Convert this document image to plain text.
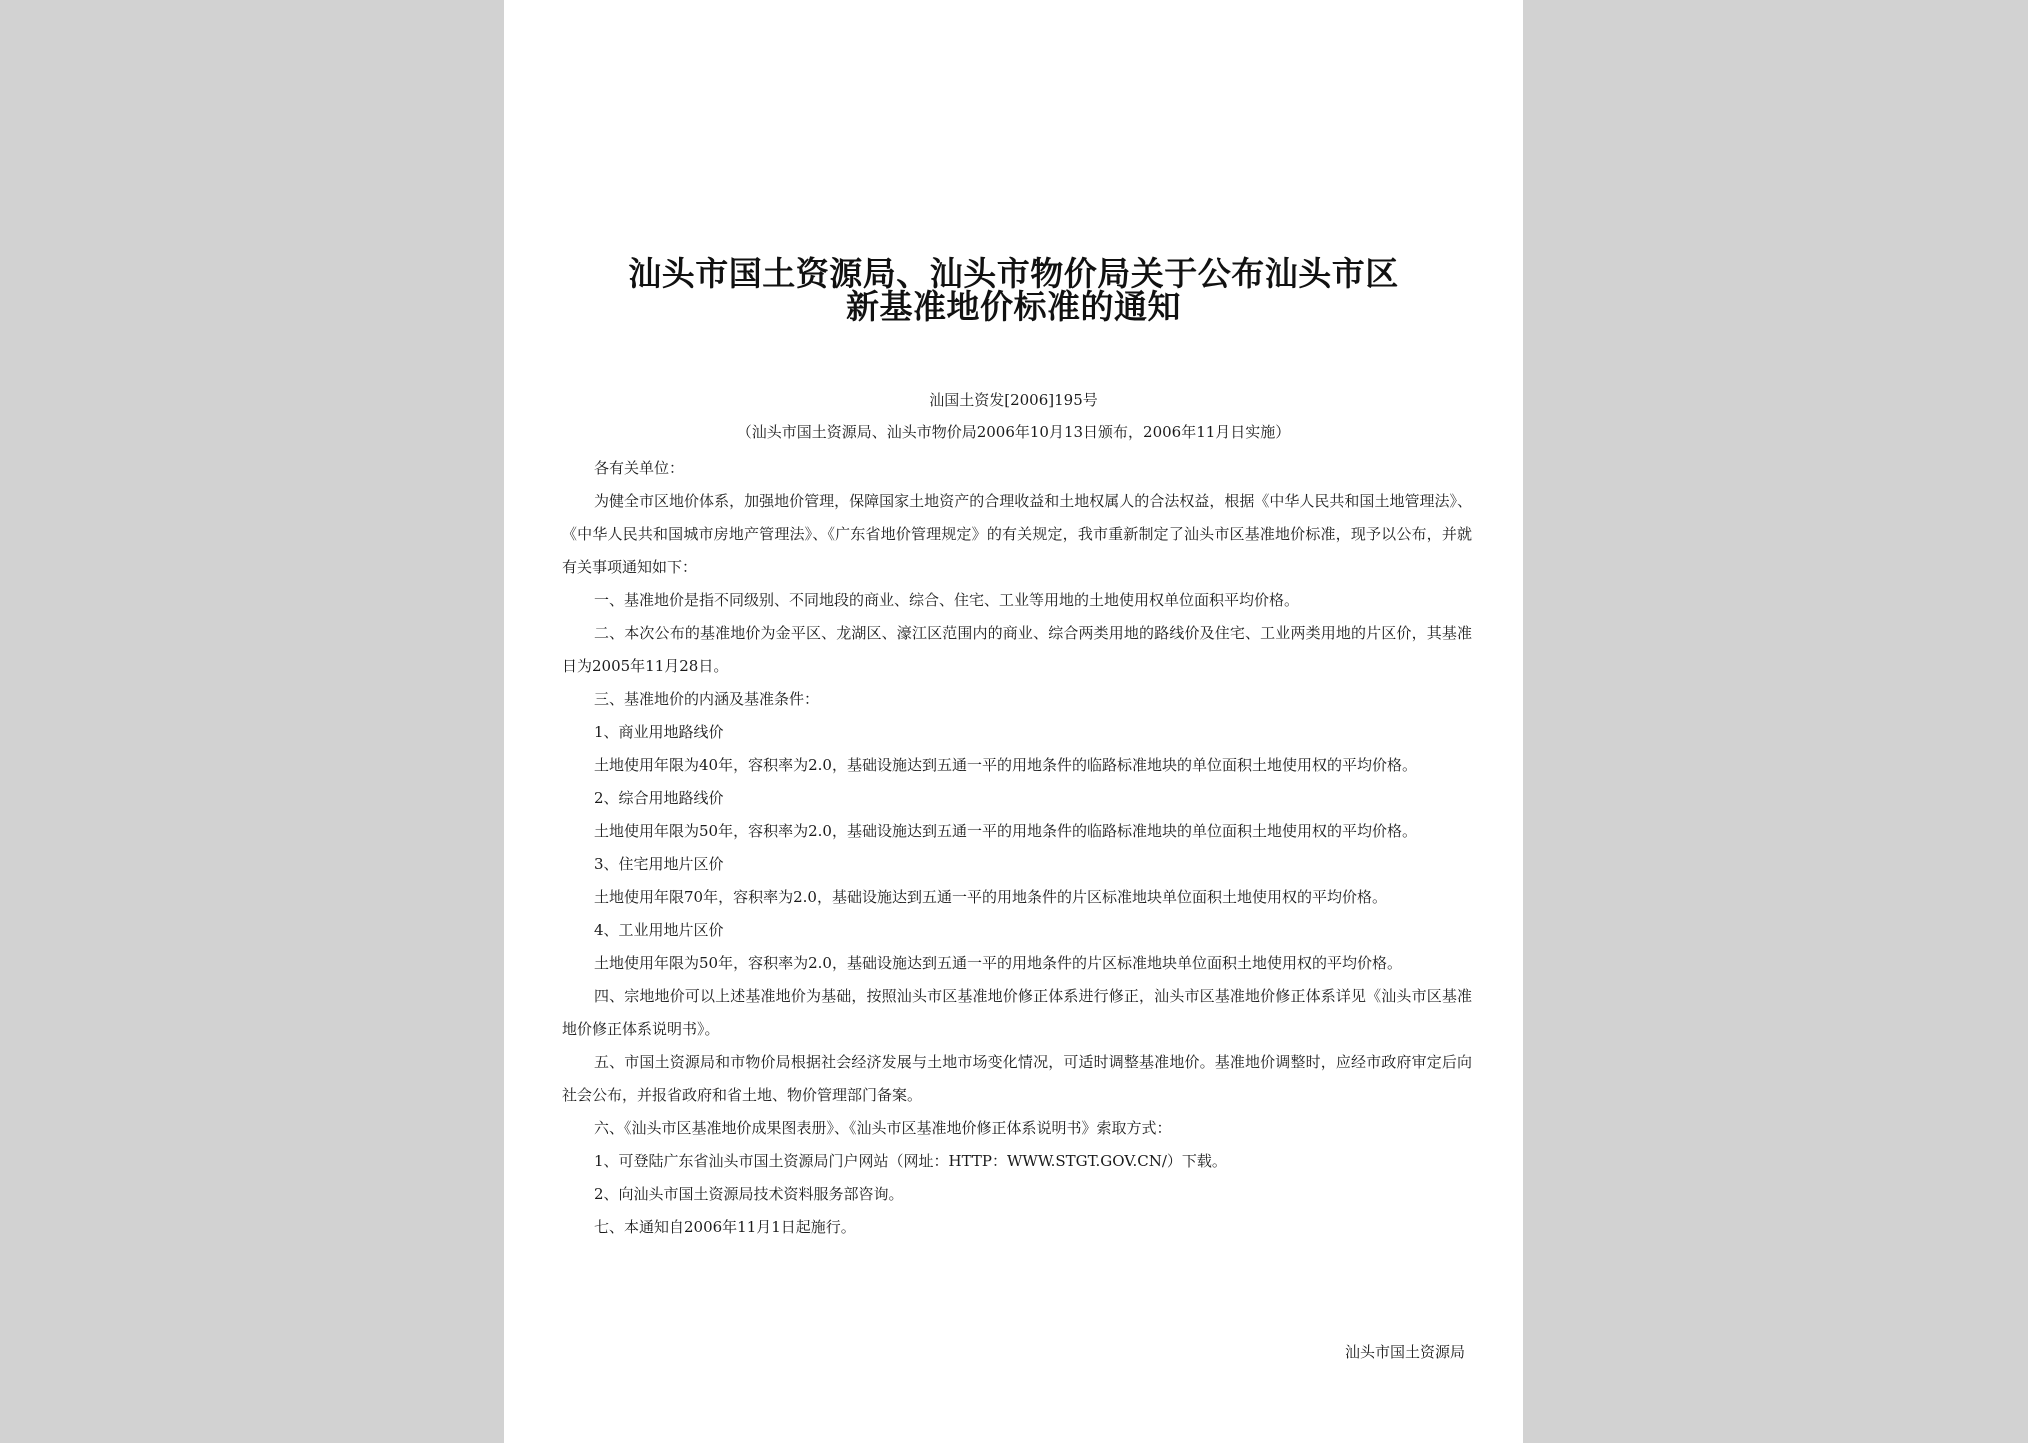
汕头市国土资源局、汕头市物价局关于公布汕头市区
新基准地价标准的通知
汕国土资发[2006]195号
（汕头市国土资源局、汕头市物价局2006年10月13日颁布，2006年11月日实施）

各有关单位：

为健全市区地价体系，加强地价管理，保障国家土地资产的合理收益和土地权属人的合法权益，根据《中华人民共和国土地管理法》、《中华人民共和国城市房地产管理法》、《广东省地价管理规定》的有关规定，我市重新制定了汕头市区基准地价标准，现予以公布，并就有关事项通知如下：

一、基准地价是指不同级别、不同地段的商业、综合、住宅、工业等用地的土地使用权单位面积平均价格。

二、本次公布的基准地价为金平区、龙湖区、濠江区范围内的商业、综合两类用地的路线价及住宅、工业两类用地的片区价，其基准日为2005年11月28日。

三、基准地价的内涵及基准条件：

1、商业用地路线价

土地使用年限为40年，容积率为2.0，基础设施达到五通一平的用地条件的临路标准地块的单位面积土地使用权的平均价格。

2、综合用地路线价

土地使用年限为50年，容积率为2.0，基础设施达到五通一平的用地条件的临路标准地块的单位面积土地使用权的平均价格。

3、住宅用地片区价

土地使用年限70年，容积率为2.0，基础设施达到五通一平的用地条件的片区标准地块单位面积土地使用权的平均价格。

4、工业用地片区价

土地使用年限为50年，容积率为2.0，基础设施达到五通一平的用地条件的片区标准地块单位面积土地使用权的平均价格。

四、宗地地价可以上述基准地价为基础，按照汕头市区基准地价修正体系进行修正，汕头市区基准地价修正体系详见《汕头市区基准地价修正体系说明书》。

五、市国土资源局和市物价局根据社会经济发展与土地市场变化情况，可适时调整基准地价。基准地价调整时，应经市政府审定后向社会公布，并报省政府和省土地、物价管理部门备案。

六、《汕头市区基准地价成果图表册》、《汕头市区基准地价修正体系说明书》索取方式：

1、可登陆广东省汕头市国土资源局门户网站（网址：HTTP：WWW.STGT.GOV.CN/）下载。

2、向汕头市国土资源局技术资料服务部咨询。

七、本通知自2006年11月1日起施行。

汕头市国土资源局
